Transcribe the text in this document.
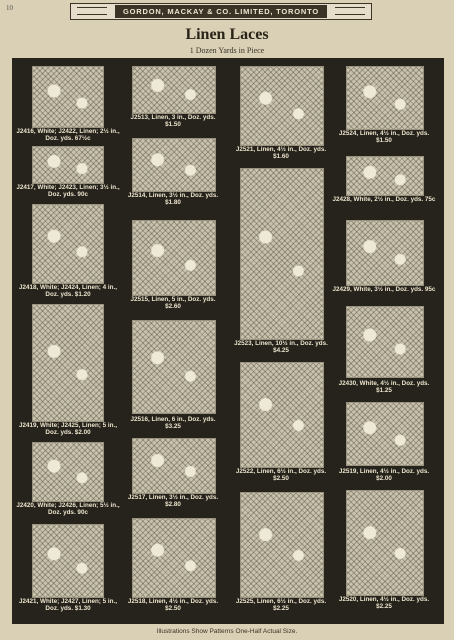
10	GORDON, MACKAY & CO. LIMITED, TORONTO
Linen Laces
1 Dozen Yards in Piece
J2416, White; J2422, Linen; 2½ in., Doz. yds. 67½c
J2417, White; J2423, Linen; 3½ in., Doz. yds. 90c
J2418, White; J2424, Linen; 4 in., Doz. yds. $1.20
J2419, White; J2425, Linen; 5 in., Doz. yds. $2.00
J2420, White; J2426, Linen; 5½ in., Doz. yds. 90c
J2421, White; J2427, Linen; 5 in., Doz. yds. $1.30
J2513, Linen, 3 in., Doz. yds. $1.50
J2514, Linen, 3½ in., Doz. yds. $1.80
J2515, Linen, 5 in., Doz. yds. $2.60
J2516, Linen, 6 in., Doz. yds. $3.25
J2517, Linen, 3½ in., Doz. yds. $2.80
J2518, Linen, 4½ in., Doz. yds. $2.50
J2521, Linen, 4½ in., Doz. yds. $1.60
J2523, Linen, 10½ in., Doz. yds. $4.25
J2522, Linen, 6½ in., Doz. yds. $2.50
J2525, Linen, 6½ in., Doz. yds. $2.25
J2524, Linen, 4½ in., Doz. yds. $1.50
J2428, White, 2½ in., Doz. yds. 75c
J2429, White, 3½ in., Doz. yds. 95c
J2430, White, 4½ in., Doz. yds. $1.25
J2519, Linen, 4½ in., Doz. yds. $2.00
J2520, Linen, 4½ in., Doz. yds. $2.25
Illustrations Show Patterns One-Half Actual Size.
